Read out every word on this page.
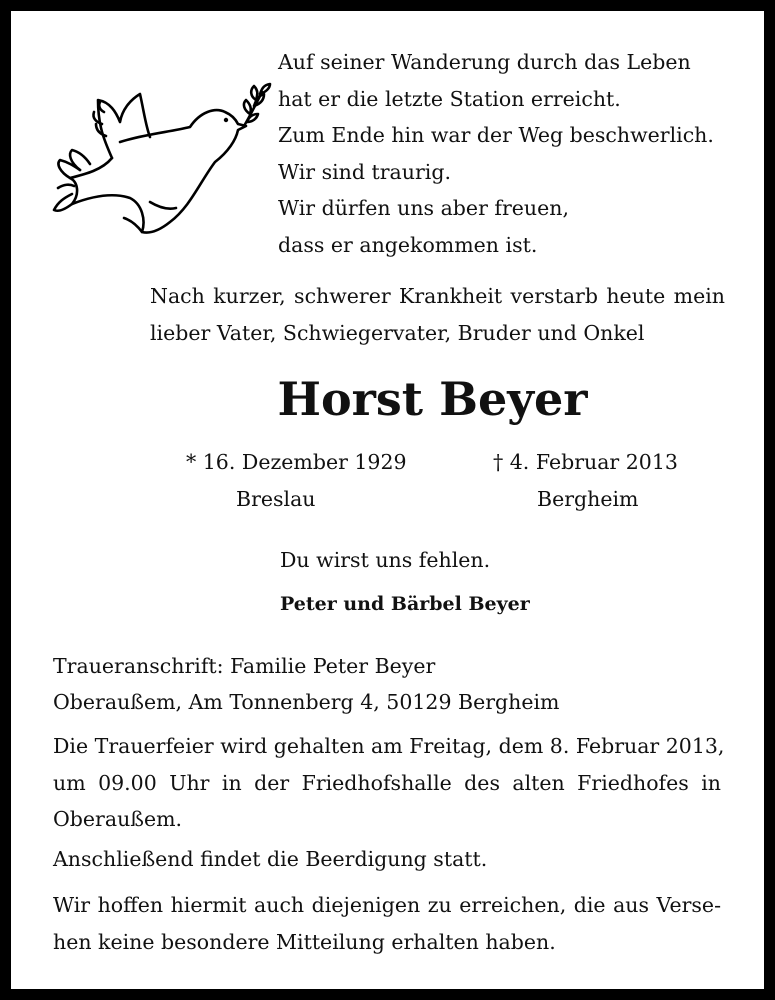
Auf seiner Wanderung durch das Leben
hat er die letzte Station erreicht.
Zum Ende hin war der Weg beschwerlich.
Wir sind traurig.
Wir dürfen uns aber freuen,
dass er angekommen ist.
Nach kurzer, schwerer Krankheit verstarb heute mein
lieber Vater, Schwiegervater, Bruder und Onkel
Horst Beyer
* 16. Dezember 1929
Breslau
† 4. Februar 2013
Bergheim
Du wirst uns fehlen.
Peter und Bärbel Beyer
Traueranschrift: Familie Peter Beyer
Oberaußem, Am Tonnenberg 4, 50129 Bergheim
Die Trauerfeier wird gehalten am Freitag, dem 8. Februar 2013,
um 09.00 Uhr in der Friedhofshalle des alten Friedhofes in
Oberaußem.
Anschließend findet die Beerdigung statt.
Wir hoffen hiermit auch diejenigen zu erreichen, die aus Verse-
hen keine besondere Mitteilung erhalten haben.
